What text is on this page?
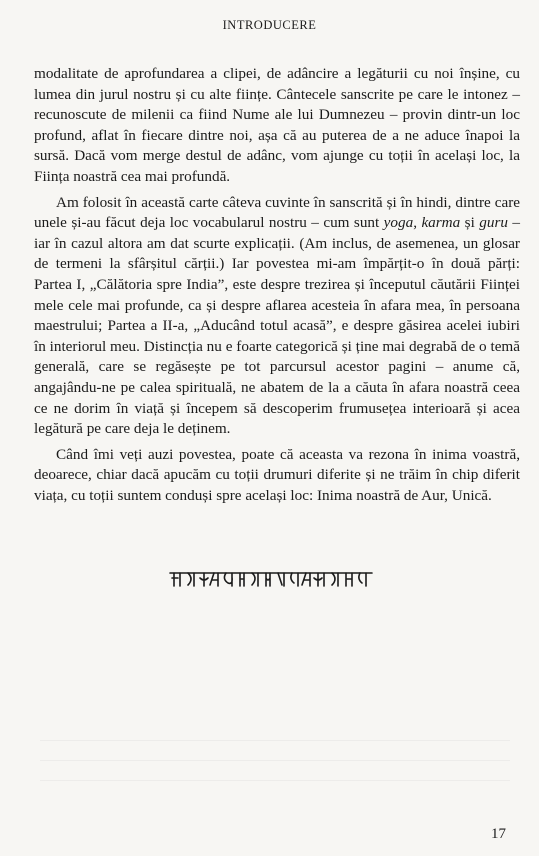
INTRODUCERE

modalitate de aprofundarea a clipei, de adâncire a legăturii cu noi înșine, cu lumea din jurul nostru și cu alte ființe. Cântecele sanscrite pe care le intonez – recunoscute de milenii ca fiind Nume ale lui Dumnezeu – provin dintr-un loc profund, aflat în fiecare dintre noi, așa că au puterea de a ne aduce înapoi la sursă. Dacă vom merge destul de adânc, vom ajunge cu toții în același loc, la Ființa noastră cea mai profundă.

Am folosit în această carte câteva cuvinte în sanscrită și în hindi, dintre care unele și-au făcut deja loc vocabularul nostru – cum sunt yoga, karma și guru – iar în cazul altora am dat scurte explicații. (Am inclus, de asemenea, un glosar de termeni la sfârșitul cărții.) Iar povestea mi-am împărțit-o în două părți: Partea I, „Călătoria spre India”, este despre trezirea și începutul căutării Ființei mele cele mai profunde, ca și despre aflarea acesteia în afara mea, în persoana maestrului; Partea a II-a, „Aducând totul acasă”, e despre găsirea acelei iubiri în interiorul meu. Distincția nu e foarte categorică și ține mai degrabă de o temă generală, care se regăsește pe tot parcursul acestor pagini – anume că, angajându-ne pe calea spirituală, ne abatem de la a căuta în afara noastră ceea ce ne dorim în viață și începem să descoperim frumusețea interioară și acea legătură pe care deja le deținem.

Când îmi veți auzi povestea, poate că aceasta va rezona în inima voastră, deoarece, chiar dacă apucăm cu toții drumuri diferite și ne trăim în chip diferit viața, cu toții suntem conduși spre același loc: Inima noastră de Aur, Unică.

17
